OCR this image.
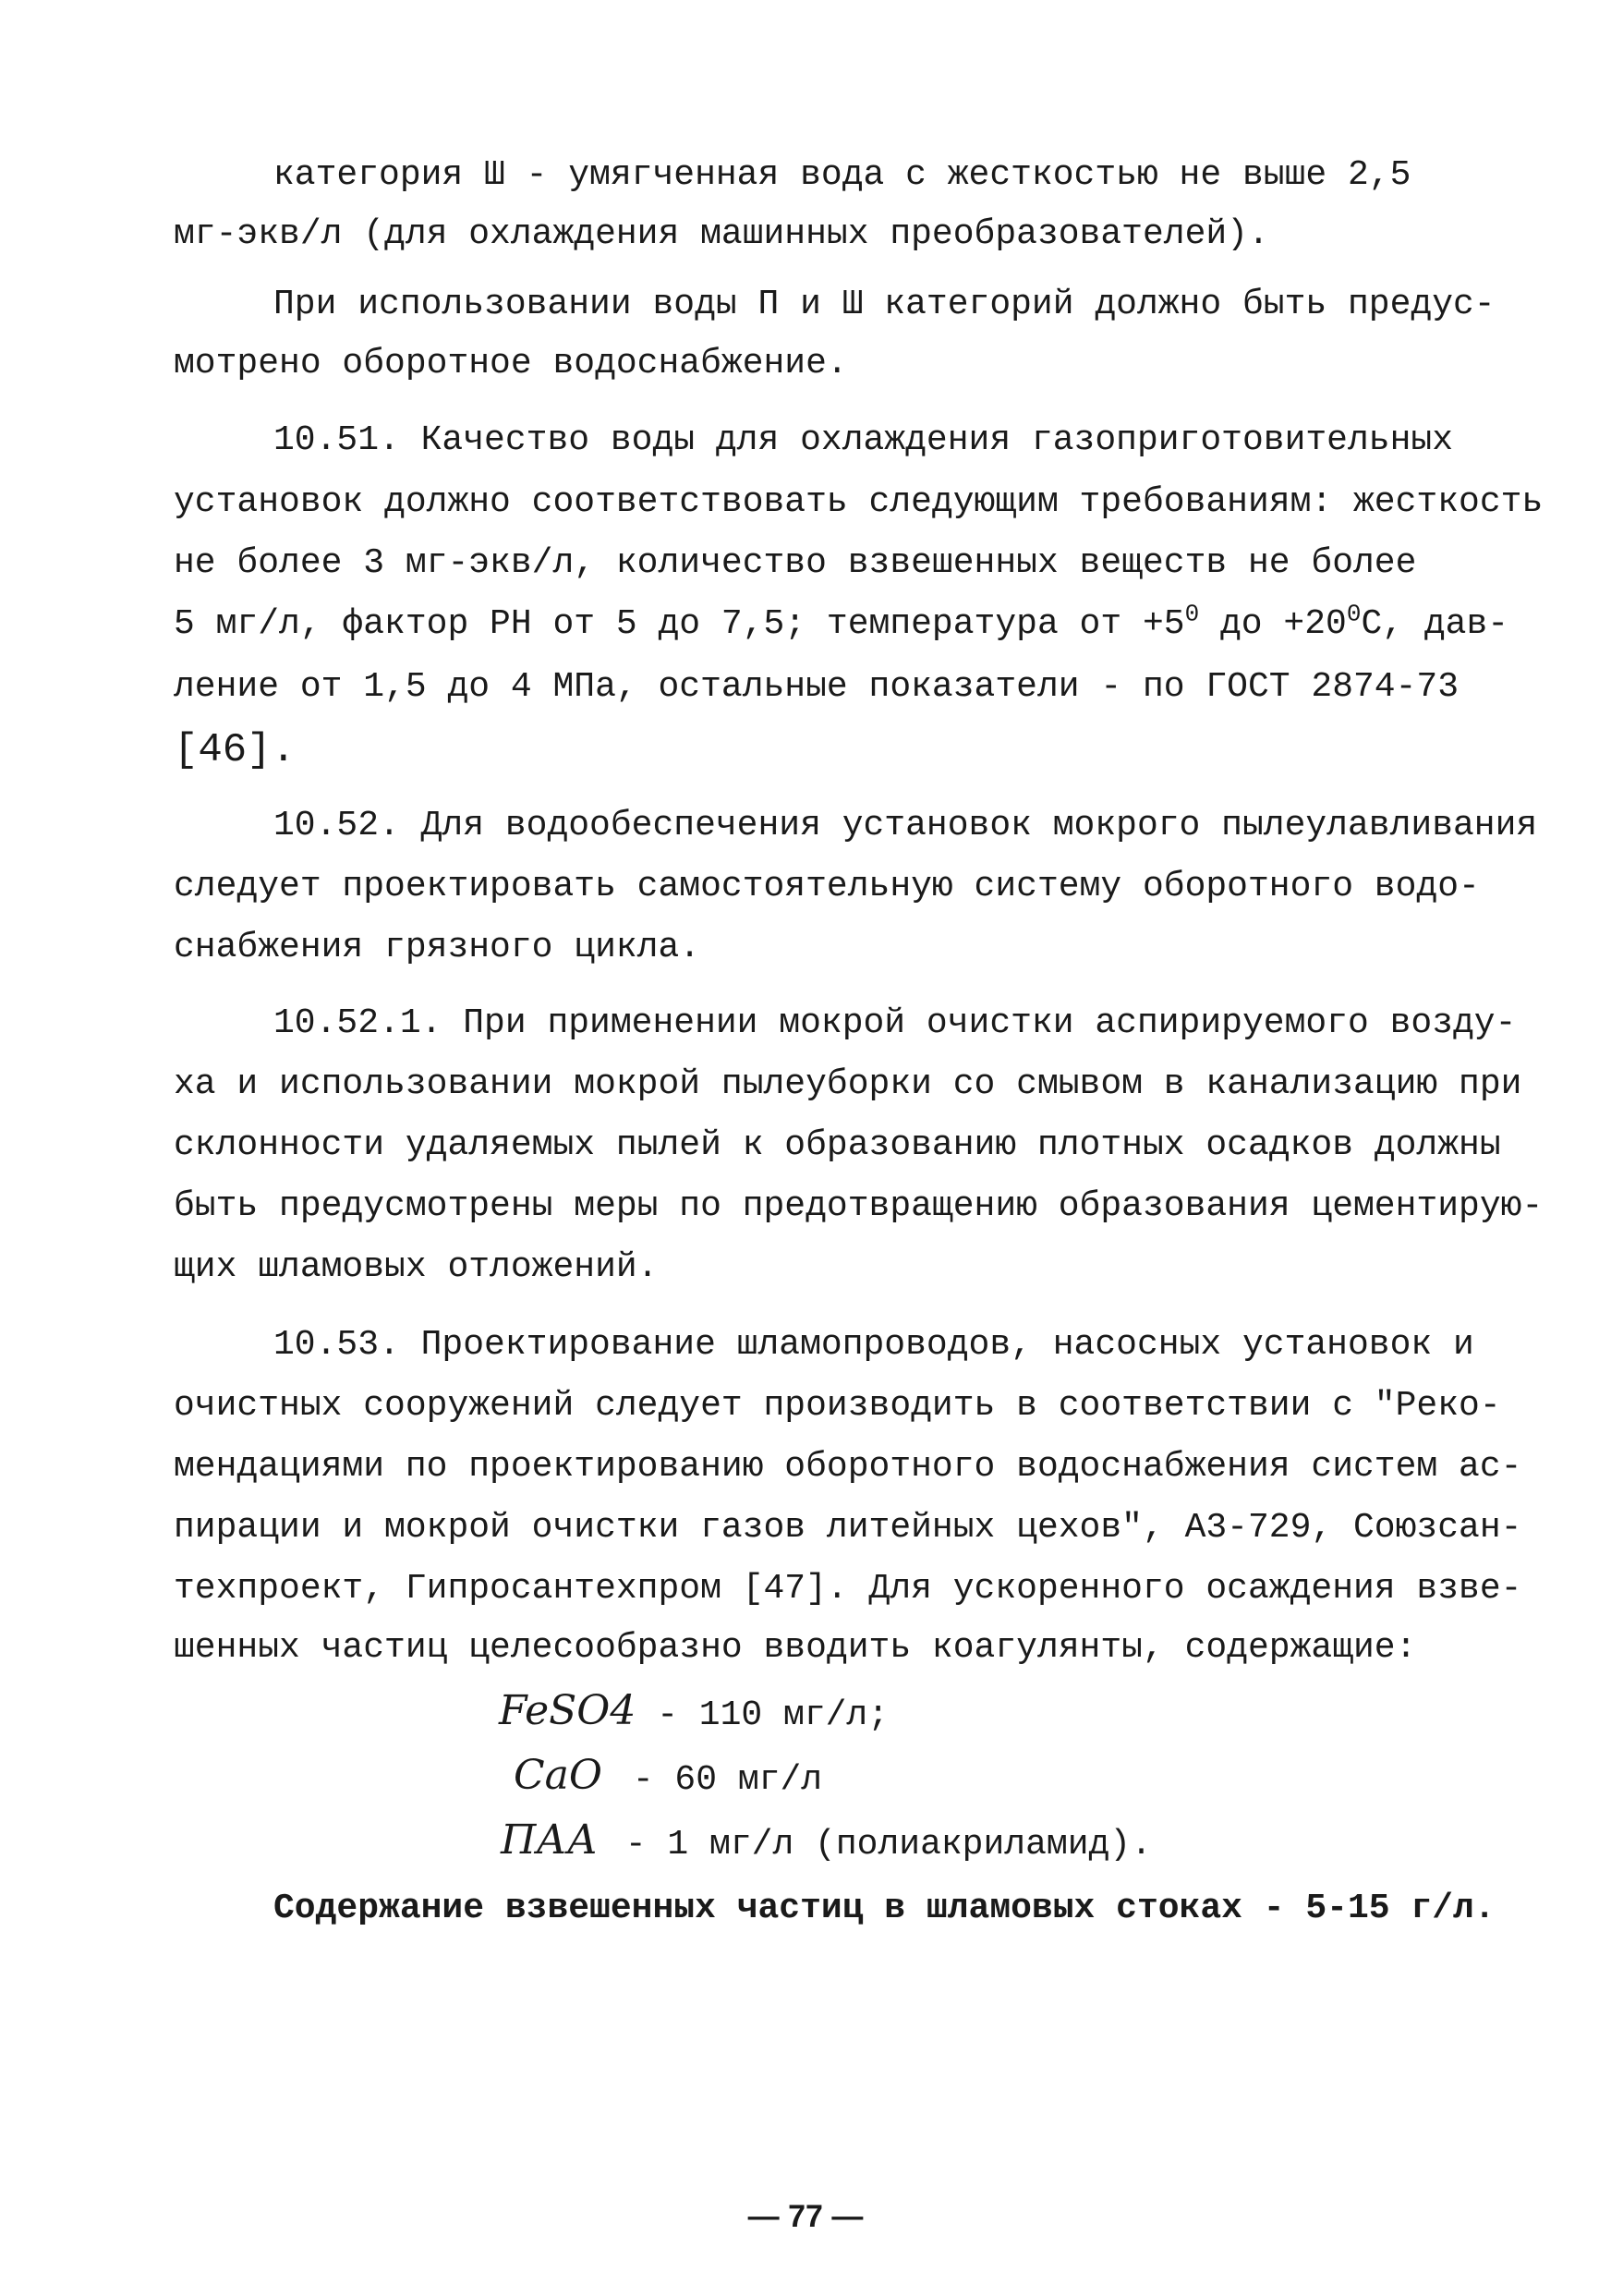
категория Ш - умягченная вода с жесткостью не выше 2,5
мг-экв/л (для охлаждения машинных преобразователей).
При использовании воды П и Ш категорий должно быть предус-
мотрено оборотное водоснабжение.
10.51. Качество воды для охлаждения газоприготовительных
установок должно соответствовать следующим требованиям: жесткость
не более 3 мг-экв/л, количество взвешенных веществ не более
5 мг/л, фактор PH от 5 до 7,5; температура от $+5^0$ до $+20^0С$, дав-
ление от 1,5 до 4 МПа, остальные показатели - по ГОСТ 2874-73
[46].
10.52. Для водообеспечения установок мокрого пылеулавливания
следует проектировать самостоятельную систему оборотного водо-
снабжения грязного цикла.
10.52.1. При применении мокрой очистки аспирируемого возду-
ха и использовании мокрой пылеуборки со смывом в канализацию при
склонности удаляемых пылей к образованию плотных осадков должны
быть предусмотрены меры по предотвращению образования цементирую-
щих шламовых отложений.
10.53. Проектирование шламопроводов, насосных установок и
очистных сооружений следует производить в соответствии с "Реко-
мендациями по проектированию оборотного водоснабжения систем ас-
пирации и мокрой очистки газов литейных цехов", А3-729, Союзсан-
техпроект, Гипросантехпром [47]. Для ускоренного осаждения взве-
шенных частиц целесообразно вводить коагулянты, содержащие:
FeSO4 - 110 мг/л;
CaO - 60 мг/л
ПАА - 1 мг/л (полиакриламид).
Содержание взвешенных частиц в шламовых стоках - 5-15 г/л.
— 77 —
